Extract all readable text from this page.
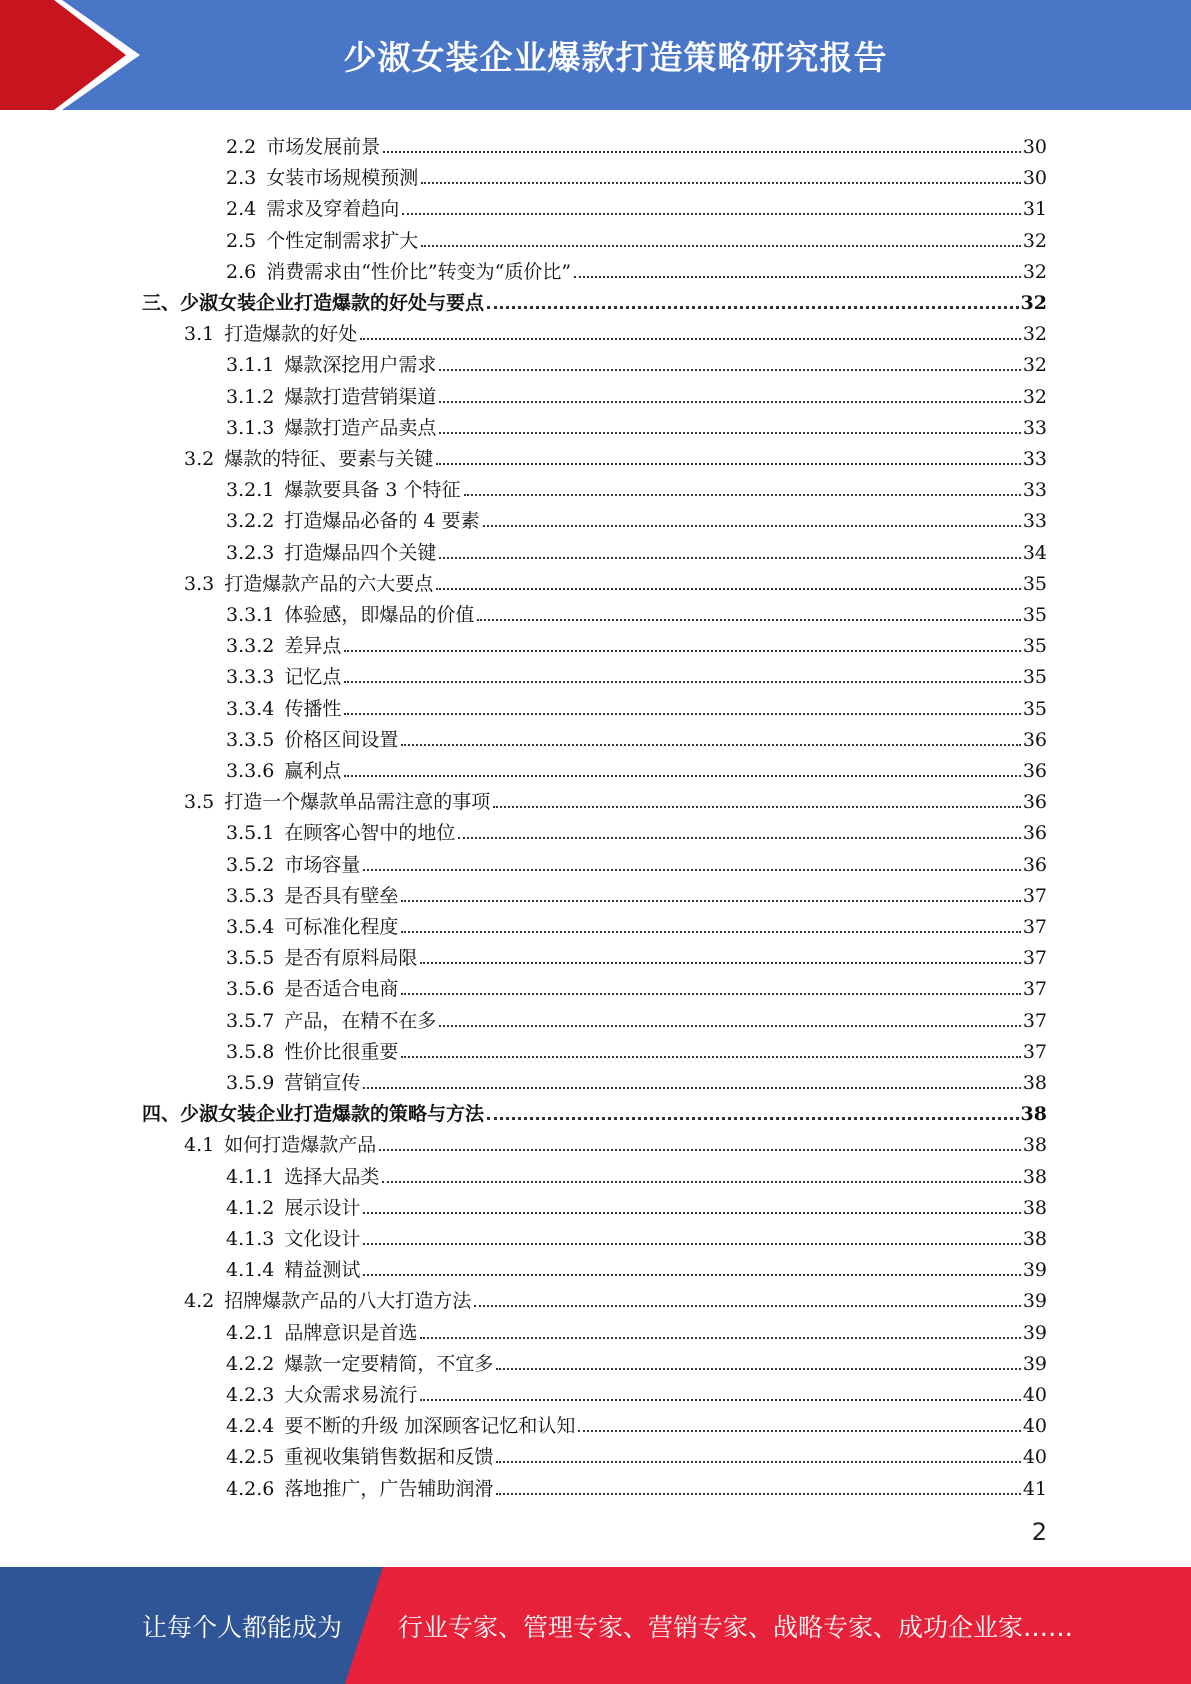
少淑女装企业爆款打造策略研究报告
2.2 市场发展前景	30
2.3 女装市场规模预测	30
2.4 需求及穿着趋向	31
2.5 个性定制需求扩大	32
2.6 消费需求由“性价比”转变为“质价比”	32
三、少淑女装企业打造爆款的好处与要点	32
3.1 打造爆款的好处	32
3.1.1 爆款深挖用户需求	32
3.1.2 爆款打造营销渠道	32
3.1.3 爆款打造产品卖点	33
3.2 爆款的特征、要素与关键	33
3.2.1 爆款要具备 3 个特征	33
3.2.2 打造爆品必备的 4 要素	33
3.2.3 打造爆品四个关键	34
3.3 打造爆款产品的六大要点	35
3.3.1 体验感，即爆品的价值	35
3.3.2 差异点	35
3.3.3 记忆点	35
3.3.4 传播性	35
3.3.5 价格区间设置	36
3.3.6 赢利点	36
3.5 打造一个爆款单品需注意的事项	36
3.5.1 在顾客心智中的地位	36
3.5.2 市场容量	36
3.5.3 是否具有壁垒	37
3.5.4 可标准化程度	37
3.5.5 是否有原料局限	37
3.5.6 是否适合电商	37
3.5.7 产品，在精不在多	37
3.5.8 性价比很重要	37
3.5.9 营销宣传	38
四、少淑女装企业打造爆款的策略与方法	38
4.1 如何打造爆款产品	38
4.1.1 选择大品类	38
4.1.2 展示设计	38
4.1.3 文化设计	38
4.1.4 精益测试	39
4.2 招牌爆款产品的八大打造方法	39
4.2.1 品牌意识是首选	39
4.2.2 爆款一定要精简，不宜多	39
4.2.3 大众需求易流行	40
4.2.4 要不断的升级 加深顾客记忆和认知	40
4.2.5 重视收集销售数据和反馈	40
4.2.6 落地推广，广告辅助润滑	41
2
让每个人都能成为 行业专家、管理专家、营销专家、战略专家、成功企业家……
